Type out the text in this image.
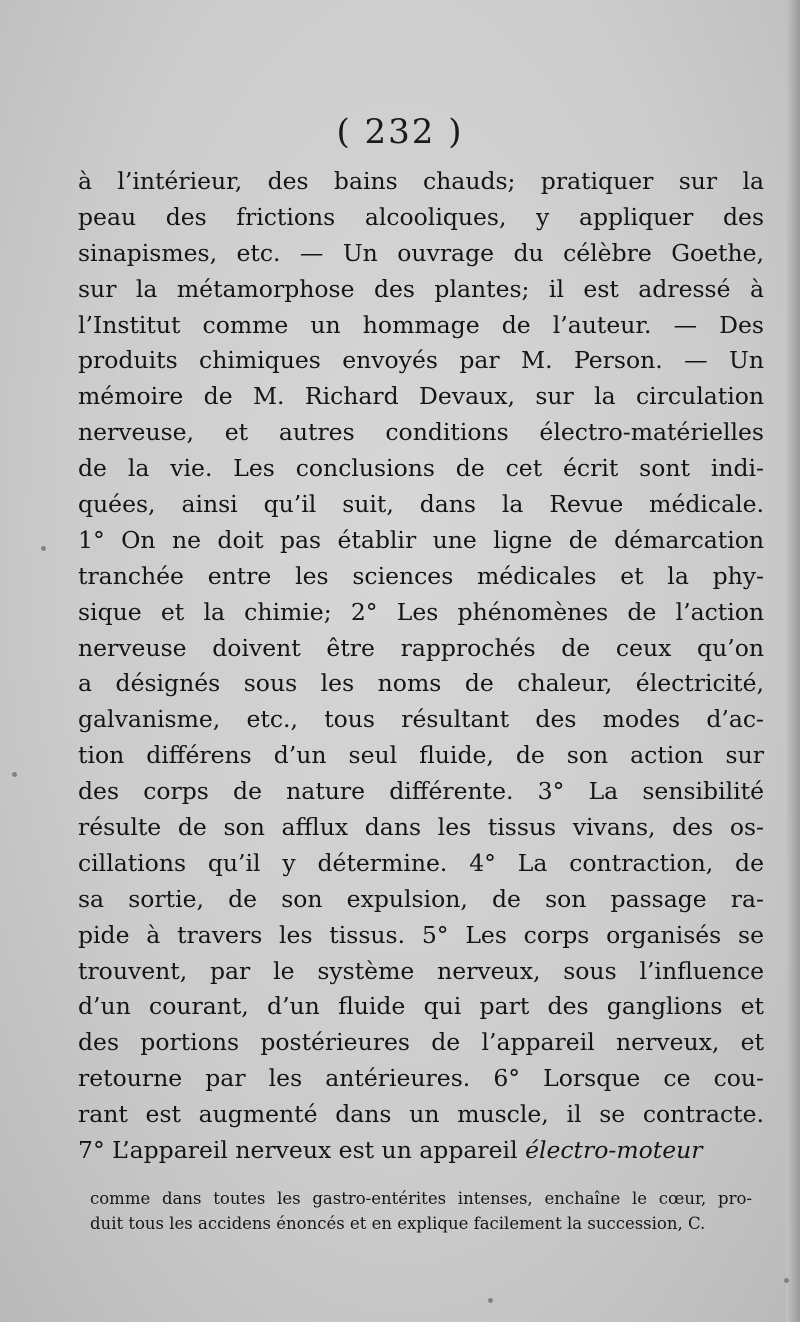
( 232 )
à l’intérieur, des bains chauds; pratiquer sur la
peau des frictions alcooliques, y appliquer des
sinapismes, etc. — Un ouvrage du célèbre Goethe,
sur la métamorphose des plantes; il est adressé à
l’Institut comme un hommage de l’auteur. — Des
produits chimiques envoyés par M. Person. — Un
mémoire de M. Richard Devaux, sur la circulation
nerveuse, et autres conditions électro-matérielles
de la vie. Les conclusions de cet écrit sont indi-
quées, ainsi qu’il suit, dans la Revue médicale.
1° On ne doit pas établir une ligne de démarcation
tranchée entre les sciences médicales et la phy-
sique et la chimie; 2° Les phénomènes de l’action
nerveuse doivent être rapprochés de ceux qu’on
a désignés sous les noms de chaleur, électricité,
galvanisme, etc., tous résultant des modes d’ac-
tion différens d’un seul fluide, de son action sur
des corps de nature différente. 3° La sensibilité
résulte de son afflux dans les tissus vivans, des os-
cillations qu’il y détermine. 4° La contraction, de
sa sortie, de son expulsion, de son passage ra-
pide à travers les tissus. 5° Les corps organisés se
trouvent, par le système nerveux, sous l’influence
d’un courant, d’un fluide qui part des ganglions et
des portions postérieures de l’appareil nerveux, et
retourne par les antérieures. 6° Lorsque ce cou-
rant est augmenté dans un muscle, il se contracte.
7° L’appareil nerveux est un appareil électro-moteur
comme dans toutes les gastro-entérites intenses, enchaîne le cœur, pro-
duit tous les accidens énoncés et en explique facilement la succession, C.
